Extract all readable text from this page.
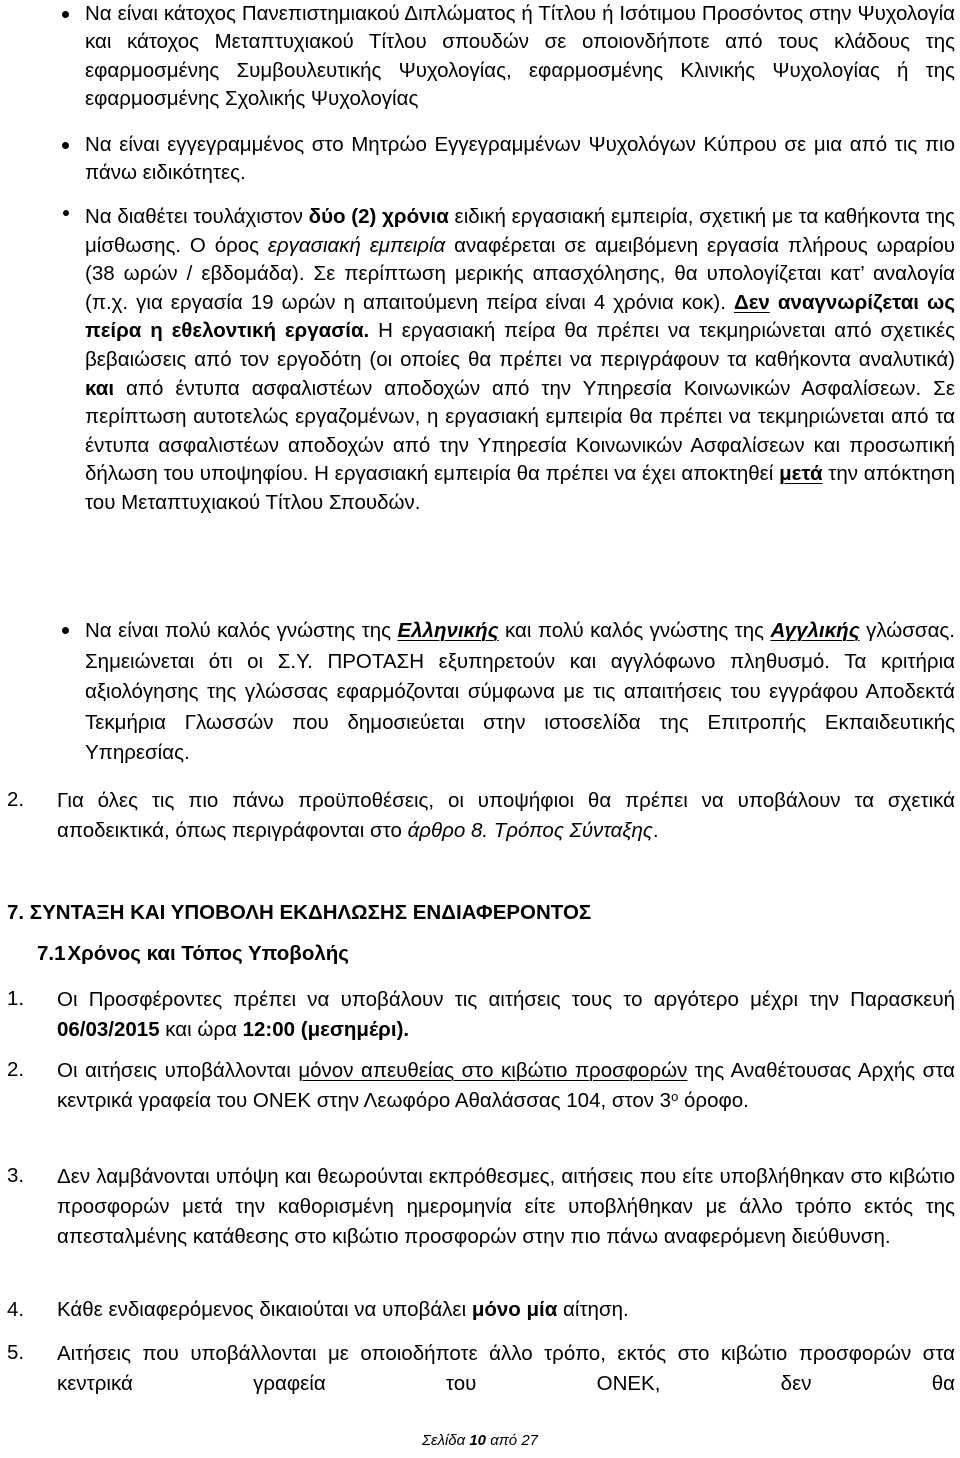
Να είναι κάτοχος Πανεπιστημιακού Διπλώματος ή Τίτλου ή Ισότιμου Προσόντος στην Ψυχολογία και κάτοχος Μεταπτυχιακού Τίτλου σπουδών σε οποιονδήποτε από τους κλάδους της εφαρμοσμένης Συμβουλευτικής Ψυχολογίας, εφαρμοσμένης Κλινικής Ψυχολογίας ή της εφαρμοσμένης Σχολικής Ψυχολογίας
Να είναι εγγεγραμμένος στο Μητρώο Εγγεγραμμένων Ψυχολόγων Κύπρου σε μια από τις πιο πάνω ειδικότητες.
Να διαθέτει τουλάχιστον δύο (2) χρόνια ειδική εργασιακή εμπειρία, σχετική με τα καθήκοντα της μίσθωσης. Ο όρος εργασιακή εμπειρία αναφέρεται σε αμειβόμενη εργασία πλήρους ωραρίου (38 ωρών / εβδομάδα). Σε περίπτωση μερικής απασχόλησης, θα υπολογίζεται κατ’ αναλογία (π.χ. για εργασία 19 ωρών η απαιτούμενη πείρα είναι 4 χρόνια κοκ). Δεν αναγνωρίζεται ως πείρα η εθελοντική εργασία. Η εργασιακή πείρα θα πρέπει να τεκμηριώνεται από σχετικές βεβαιώσεις από τον εργοδότη (οι οποίες θα πρέπει να περιγράφουν τα καθήκοντα αναλυτικά) και από έντυπα ασφαλιστέων αποδοχών από την Υπηρεσία Κοινωνικών Ασφαλίσεων. Σε περίπτωση αυτοτελώς εργαζομένων, η εργασιακή εμπειρία θα πρέπει να τεκμηριώνεται από τα έντυπα ασφαλιστέων αποδοχών από την Υπηρεσία Κοινωνικών Ασφαλίσεων και προσωπική δήλωση του υποψηφίου. Η εργασιακή εμπειρία θα πρέπει να έχει αποκτηθεί μετά την απόκτηση του Μεταπτυχιακού Τίτλου Σπουδών.
Να είναι πολύ καλός γνώστης της Ελληνικής και πολύ καλός γνώστης της Αγγλικής γλώσσας. Σημειώνεται ότι οι Σ.Υ. ΠΡΟΤΑΣΗ εξυπηρετούν και αγγλόφωνο πληθυσμό. Τα κριτήρια αξιολόγησης της γλώσσας εφαρμόζονται σύμφωνα με τις απαιτήσεις του εγγράφου Αποδεκτά Τεκμήρια Γλωσσών που δημοσιεύεται στην ιστοσελίδα της Επιτροπής Εκπαιδευτικής Υπηρεσίας.
2. Για όλες τις πιο πάνω προϋποθέσεις, οι υποψήφιοι θα πρέπει να υποβάλουν τα σχετικά αποδεικτικά, όπως περιγράφονται στο άρθρο 8. Τρόπος Σύνταξης.
7. ΣΥΝΤΑΞΗ ΚΑΙ ΥΠΟΒΟΛΗ ΕΚΔΗΛΩΣΗΣ ΕΝΔΙΑΦΕΡΟΝΤΟΣ
7.1Χρόνος και Τόπος Υποβολής
1. Οι Προσφέροντες πρέπει να υποβάλουν τις αιτήσεις τους το αργότερο μέχρι την Παρασκευή 06/03/2015 και ώρα 12:00 (μεσημέρι).
2. Οι αιτήσεις υποβάλλονται μόνον απευθείας στο κιβώτιο προσφορών της Αναθέτουσας Αρχής στα κεντρικά γραφεία του ΟΝΕΚ στην Λεωφόρο Αθαλάσσας 104, στον $3^o$ όροφο.
3. Δεν λαμβάνονται υπόψη και θεωρούνται εκπρόθεσμες, αιτήσεις που είτε υποβλήθηκαν στο κιβώτιο προσφορών μετά την καθορισμένη ημερομηνία είτε υποβλήθηκαν με άλλο τρόπο εκτός της απεσταλμένης κατάθεσης στο κιβώτιο προσφορών στην πιο πάνω αναφερόμενη διεύθυνση.
4. Κάθε ενδιαφερόμενος δικαιούται να υποβάλει μόνο μία αίτηση.
5. Αιτήσεις που υποβάλλονται με οποιοδήποτε άλλο τρόπο, εκτός στο κιβώτιο προσφορών στα κεντρικά γραφεία του ΟΝΕΚ, δεν θα
Σελίδα 10 από 27
